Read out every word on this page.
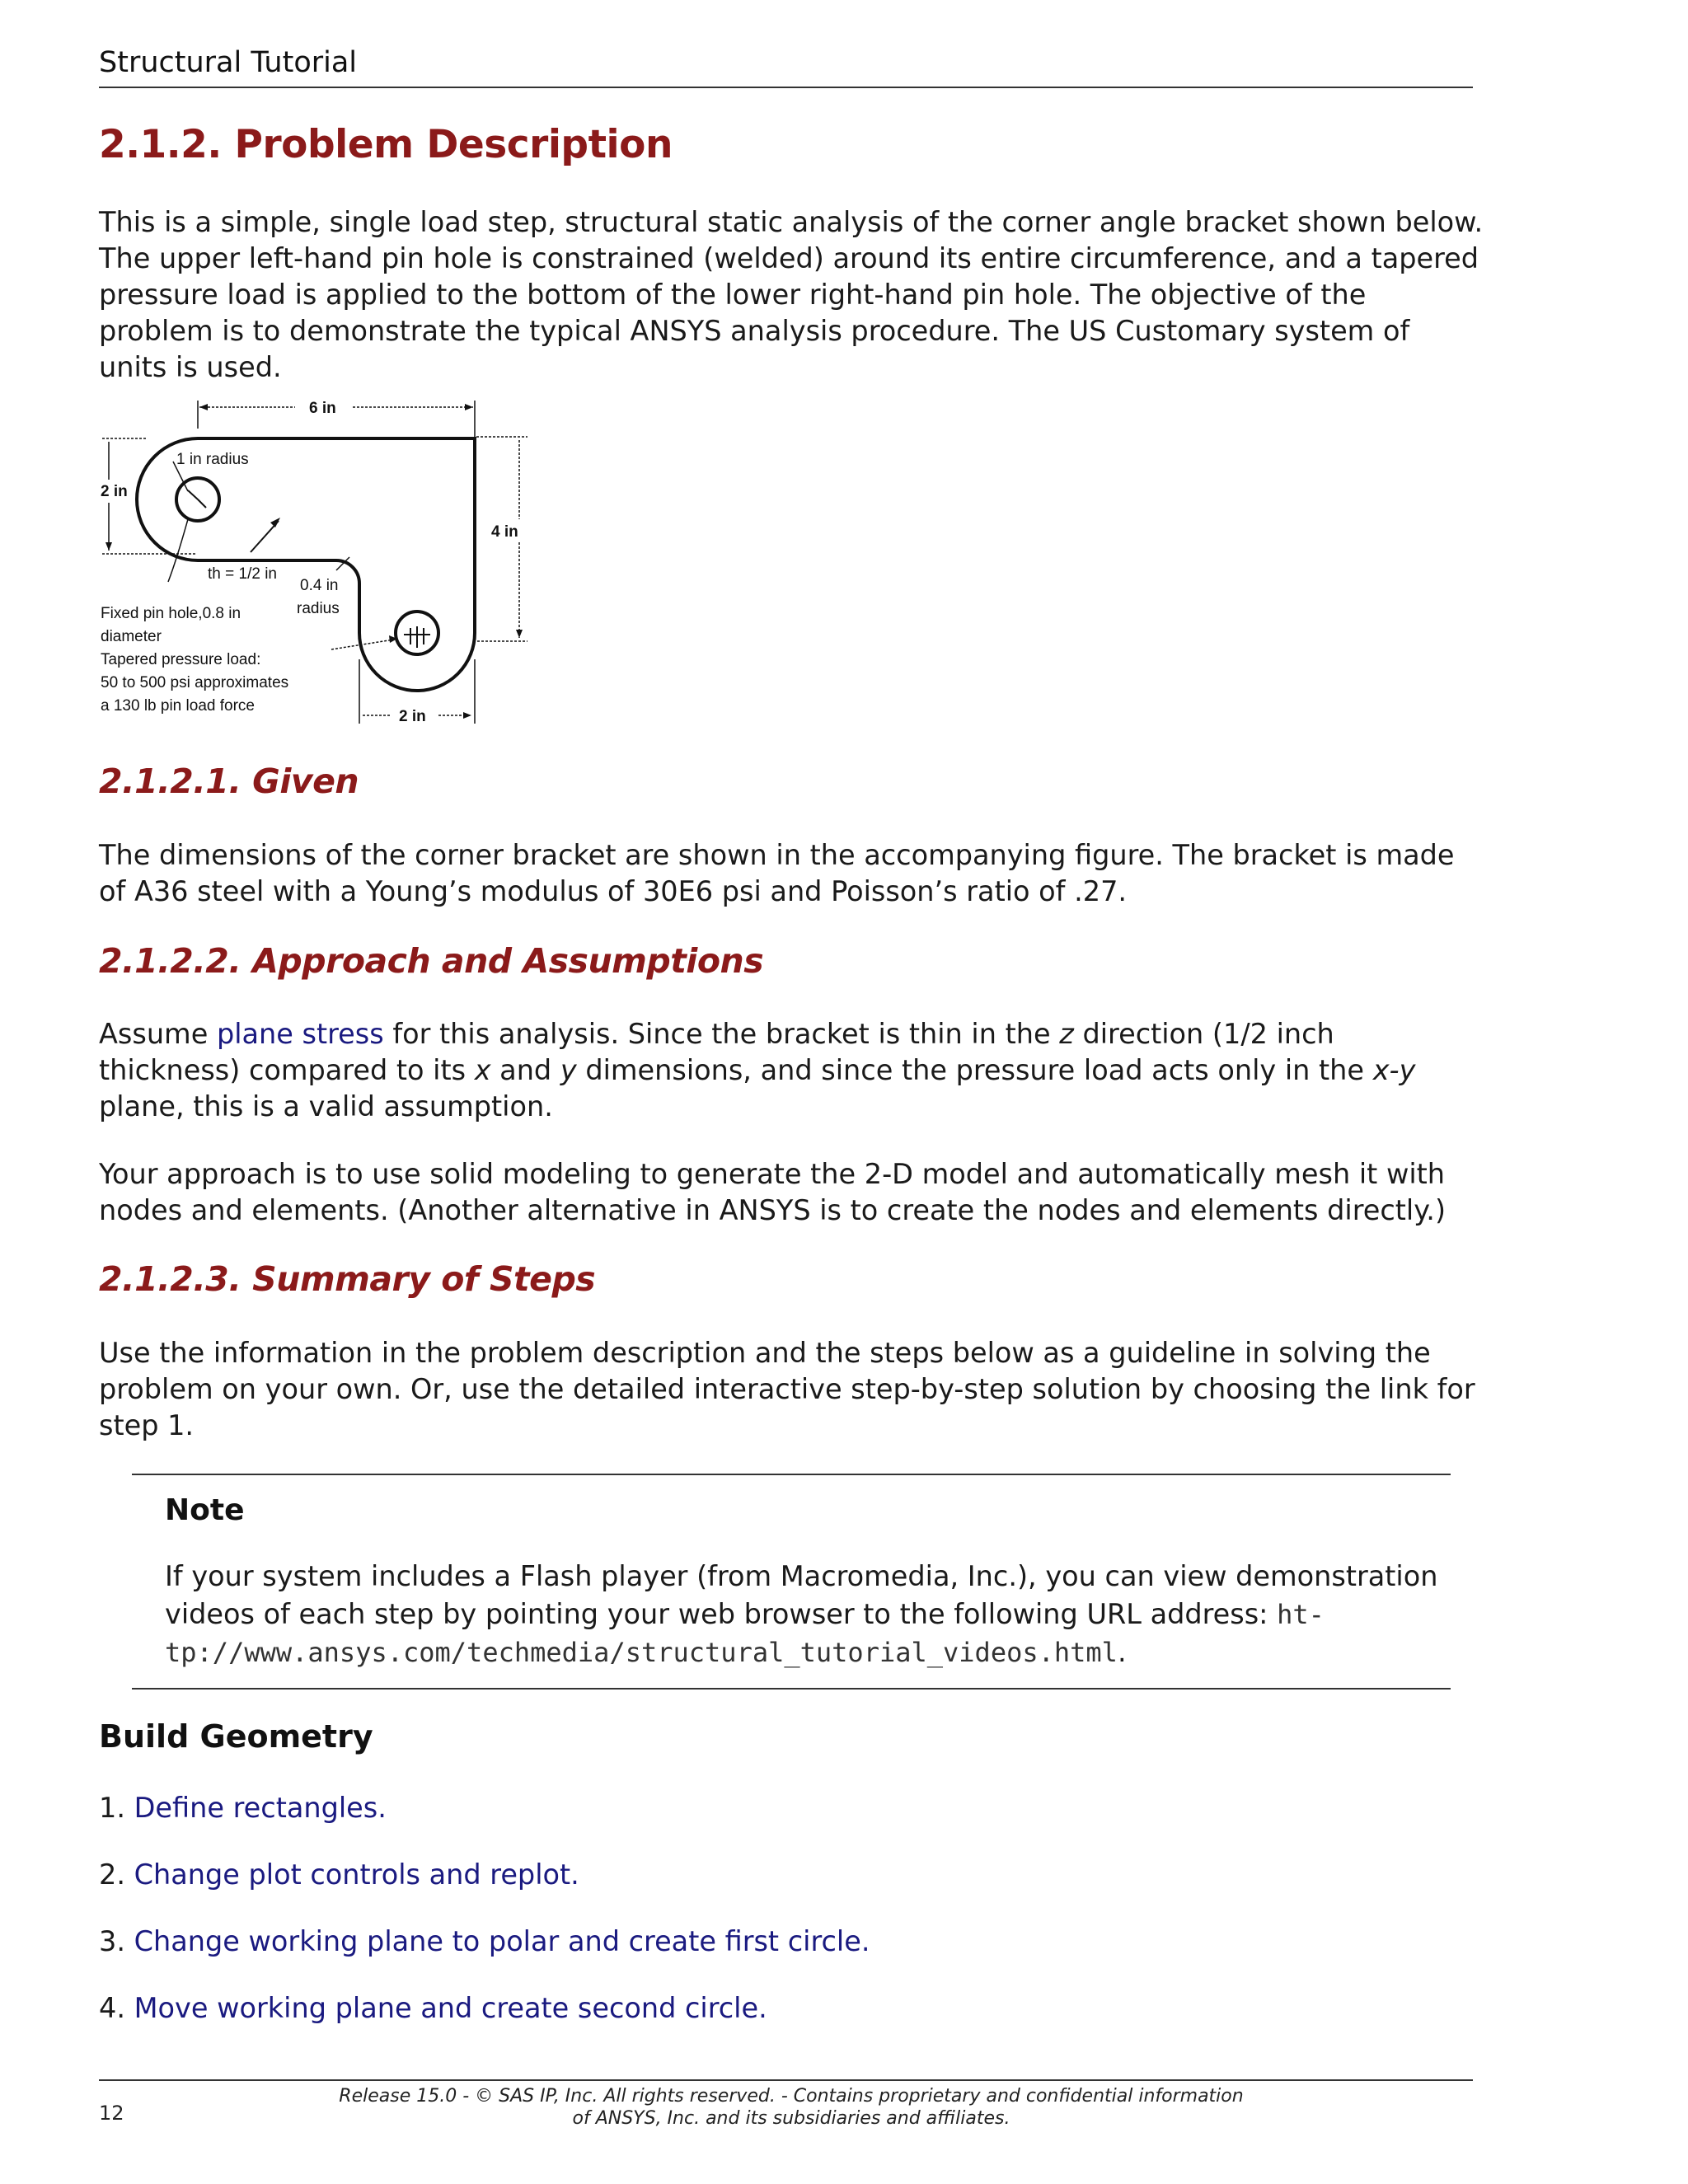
Structural Tutorial
2.1.2. Problem Description

This is a simple, single load step, structural static analysis of the corner angle bracket shown below. The upper left-hand pin hole is constrained (welded) around its entire circumference, and a tapered pressure load is applied to the bottom of the lower right-hand pin hole. The objective of the problem is to demonstrate the typical ANSYS analysis procedure. The US Customary system of units is used.

6 in
2 in
4 in
2 in
1 in radius
th = 1/2 in
0.4 in
radius
Fixed pin hole,0.8 in
diameter
Tapered pressure load:
50 to 500 psi approximates
a 130 lb pin load force
2.1.2.1. Given

The dimensions of the corner bracket are shown in the accompanying figure. The bracket is made of A36 steel with a Young’s modulus of 30E6 psi and Poisson’s ratio of .27.

2.1.2.2. Approach and Assumptions

Assume plane stress for this analysis. Since the bracket is thin in the z direction (1/2 inch thickness) compared to its x and y dimensions, and since the pressure load acts only in the x-y plane, this is a valid assumption.

Your approach is to use solid modeling to generate the 2-D model and automatically mesh it with nodes and elements. (Another alternative in ANSYS is to create the nodes and elements directly.)

2.1.2.3. Summary of Steps

Use the information in the problem description and the steps below as a guideline in solving the problem on your own. Or, use the detailed interactive step-by-step solution by choosing the link for step 1.

Note

If your system includes a Flash player (from Macromedia, Inc.), you can view demonstration videos of each step by pointing your web browser to the following URL address: ht-
tp://www.ansys.com/techmedia/structural_tutorial_videos.html.

Build Geometry

1. Define rectangles.

2. Change plot controls and replot.

3. Change working plane to polar and create first circle.

4. Move working plane and create second circle.

12
Release 15.0 - © SAS IP, Inc. All rights reserved. - Contains proprietary and confidential information
of ANSYS, Inc. and its subsidiaries and affiliates.
